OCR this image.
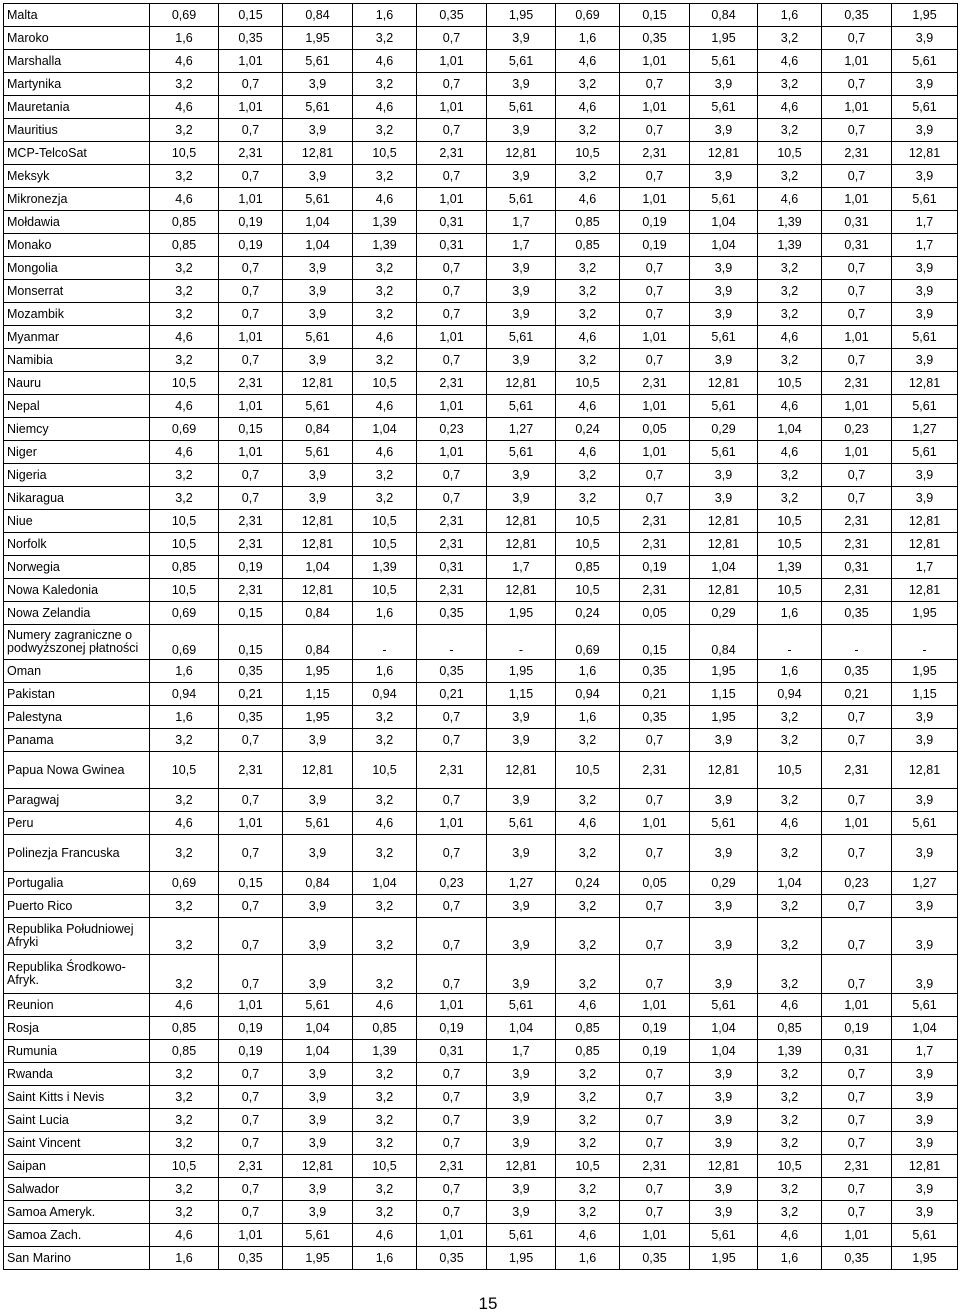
Malta	0,69	0,15	0,84	1,6	0,35	1,95	0,69	0,15	0,84	1,6	0,35	1,95
Maroko	1,6	0,35	1,95	3,2	0,7	3,9	1,6	0,35	1,95	3,2	0,7	3,9
Marshalla	4,6	1,01	5,61	4,6	1,01	5,61	4,6	1,01	5,61	4,6	1,01	5,61
Martynika	3,2	0,7	3,9	3,2	0,7	3,9	3,2	0,7	3,9	3,2	0,7	3,9
Mauretania	4,6	1,01	5,61	4,6	1,01	5,61	4,6	1,01	5,61	4,6	1,01	5,61
Mauritius	3,2	0,7	3,9	3,2	0,7	3,9	3,2	0,7	3,9	3,2	0,7	3,9
MCP-TelcoSat	10,5	2,31	12,81	10,5	2,31	12,81	10,5	2,31	12,81	10,5	2,31	12,81
Meksyk	3,2	0,7	3,9	3,2	0,7	3,9	3,2	0,7	3,9	3,2	0,7	3,9
Mikronezja	4,6	1,01	5,61	4,6	1,01	5,61	4,6	1,01	5,61	4,6	1,01	5,61
Mołdawia	0,85	0,19	1,04	1,39	0,31	1,7	0,85	0,19	1,04	1,39	0,31	1,7
Monako	0,85	0,19	1,04	1,39	0,31	1,7	0,85	0,19	1,04	1,39	0,31	1,7
Mongolia	3,2	0,7	3,9	3,2	0,7	3,9	3,2	0,7	3,9	3,2	0,7	3,9
Monserrat	3,2	0,7	3,9	3,2	0,7	3,9	3,2	0,7	3,9	3,2	0,7	3,9
Mozambik	3,2	0,7	3,9	3,2	0,7	3,9	3,2	0,7	3,9	3,2	0,7	3,9
Myanmar	4,6	1,01	5,61	4,6	1,01	5,61	4,6	1,01	5,61	4,6	1,01	5,61
Namibia	3,2	0,7	3,9	3,2	0,7	3,9	3,2	0,7	3,9	3,2	0,7	3,9
Nauru	10,5	2,31	12,81	10,5	2,31	12,81	10,5	2,31	12,81	10,5	2,31	12,81
Nepal	4,6	1,01	5,61	4,6	1,01	5,61	4,6	1,01	5,61	4,6	1,01	5,61
Niemcy	0,69	0,15	0,84	1,04	0,23	1,27	0,24	0,05	0,29	1,04	0,23	1,27
Niger	4,6	1,01	5,61	4,6	1,01	5,61	4,6	1,01	5,61	4,6	1,01	5,61
Nigeria	3,2	0,7	3,9	3,2	0,7	3,9	3,2	0,7	3,9	3,2	0,7	3,9
Nikaragua	3,2	0,7	3,9	3,2	0,7	3,9	3,2	0,7	3,9	3,2	0,7	3,9
Niue	10,5	2,31	12,81	10,5	2,31	12,81	10,5	2,31	12,81	10,5	2,31	12,81
Norfolk	10,5	2,31	12,81	10,5	2,31	12,81	10,5	2,31	12,81	10,5	2,31	12,81
Norwegia	0,85	0,19	1,04	1,39	0,31	1,7	0,85	0,19	1,04	1,39	0,31	1,7
Nowa Kaledonia	10,5	2,31	12,81	10,5	2,31	12,81	10,5	2,31	12,81	10,5	2,31	12,81
Nowa Zelandia	0,69	0,15	0,84	1,6	0,35	1,95	0,24	0,05	0,29	1,6	0,35	1,95
Numery zagraniczne o
podwyższonej płatności	0,69	0,15	0,84	-	-	-	0,69	0,15	0,84	-	-	-
Oman	1,6	0,35	1,95	1,6	0,35	1,95	1,6	0,35	1,95	1,6	0,35	1,95
Pakistan	0,94	0,21	1,15	0,94	0,21	1,15	0,94	0,21	1,15	0,94	0,21	1,15
Palestyna	1,6	0,35	1,95	3,2	0,7	3,9	1,6	0,35	1,95	3,2	0,7	3,9
Panama	3,2	0,7	3,9	3,2	0,7	3,9	3,2	0,7	3,9	3,2	0,7	3,9
Papua Nowa Gwinea	10,5	2,31	12,81	10,5	2,31	12,81	10,5	2,31	12,81	10,5	2,31	12,81
Paragwaj	3,2	0,7	3,9	3,2	0,7	3,9	3,2	0,7	3,9	3,2	0,7	3,9
Peru	4,6	1,01	5,61	4,6	1,01	5,61	4,6	1,01	5,61	4,6	1,01	5,61
Polinezja Francuska	3,2	0,7	3,9	3,2	0,7	3,9	3,2	0,7	3,9	3,2	0,7	3,9
Portugalia	0,69	0,15	0,84	1,04	0,23	1,27	0,24	0,05	0,29	1,04	0,23	1,27
Puerto Rico	3,2	0,7	3,9	3,2	0,7	3,9	3,2	0,7	3,9	3,2	0,7	3,9
Republika Południowej
Afryki	3,2	0,7	3,9	3,2	0,7	3,9	3,2	0,7	3,9	3,2	0,7	3,9
Republika Środkowo-
Afryk.	3,2	0,7	3,9	3,2	0,7	3,9	3,2	0,7	3,9	3,2	0,7	3,9
Reunion	4,6	1,01	5,61	4,6	1,01	5,61	4,6	1,01	5,61	4,6	1,01	5,61
Rosja	0,85	0,19	1,04	0,85	0,19	1,04	0,85	0,19	1,04	0,85	0,19	1,04
Rumunia	0,85	0,19	1,04	1,39	0,31	1,7	0,85	0,19	1,04	1,39	0,31	1,7
Rwanda	3,2	0,7	3,9	3,2	0,7	3,9	3,2	0,7	3,9	3,2	0,7	3,9
Saint Kitts i Nevis	3,2	0,7	3,9	3,2	0,7	3,9	3,2	0,7	3,9	3,2	0,7	3,9
Saint Lucia	3,2	0,7	3,9	3,2	0,7	3,9	3,2	0,7	3,9	3,2	0,7	3,9
Saint Vincent	3,2	0,7	3,9	3,2	0,7	3,9	3,2	0,7	3,9	3,2	0,7	3,9
Saipan	10,5	2,31	12,81	10,5	2,31	12,81	10,5	2,31	12,81	10,5	2,31	12,81
Salwador	3,2	0,7	3,9	3,2	0,7	3,9	3,2	0,7	3,9	3,2	0,7	3,9
Samoa Ameryk.	3,2	0,7	3,9	3,2	0,7	3,9	3,2	0,7	3,9	3,2	0,7	3,9
Samoa Zach.	4,6	1,01	5,61	4,6	1,01	5,61	4,6	1,01	5,61	4,6	1,01	5,61
San Marino	1,6	0,35	1,95	1,6	0,35	1,95	1,6	0,35	1,95	1,6	0,35	1,95
15
